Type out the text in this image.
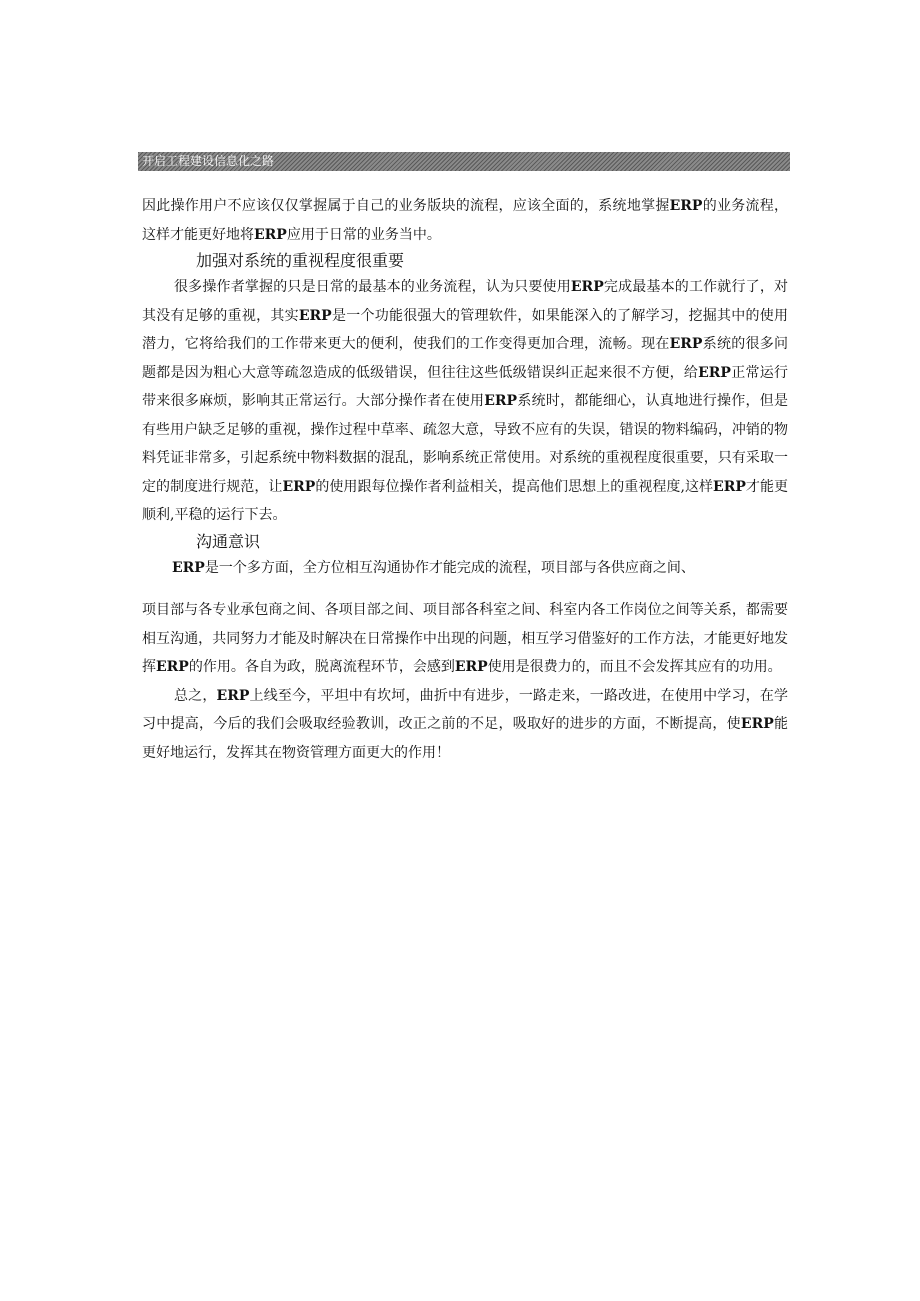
开启工程建设信息化之路

因此操作用户不应该仅仅掌握属于自己的业务版块的流程，应该全面的，系统地掌握ERP的业务流程，这样才能更好地将ERP应用于日常的业务当中。

加强对系统的重视程度很重要

很多操作者掌握的只是日常的最基本的业务流程，认为只要使用ERP完成最基本的工作就行了，对其没有足够的重视，其实ERP是一个功能很强大的管理软件，如果能深入的了解学习，挖掘其中的使用潜力，它将给我们的工作带来更大的便利，使我们的工作变得更加合理，流畅。现在ERP系统的很多问题都是因为粗心大意等疏忽造成的低级错误，但往往这些低级错误纠正起来很不方便，给ERP正常运行带来很多麻烦，影响其正常运行。大部分操作者在使用ERP系统时，都能细心，认真地进行操作，但是有些用户缺乏足够的重视，操作过程中草率、疏忽大意，导致不应有的失误，错误的物料编码，冲销的物料凭证非常多，引起系统中物料数据的混乱，影响系统正常使用。对系统的重视程度很重要，只有采取一定的制度进行规范，让ERP的使用跟每位操作者利益相关，提高他们思想上的重视程度,这样ERP才能更顺利,平稳的运行下去。

沟通意识

ERP是一个多方面，全方位相互沟通协作才能完成的流程，项目部与各供应商之间、

项目部与各专业承包商之间、各项目部之间、项目部各科室之间、科室内各工作岗位之间等关系，都需要相互沟通，共同努力才能及时解决在日常操作中出现的问题，相互学习借鉴好的工作方法，才能更好地发挥ERP的作用。各自为政，脱离流程环节，会感到ERP使用是很费力的，而且不会发挥其应有的功用。

总之，ERP上线至今，平坦中有坎坷，曲折中有进步，一路走来，一路改进，在使用中学习，在学习中提高，今后的我们会吸取经验教训，改正之前的不足，吸取好的进步的方面，不断提高，使ERP能更好地运行，发挥其在物资管理方面更大的作用！
